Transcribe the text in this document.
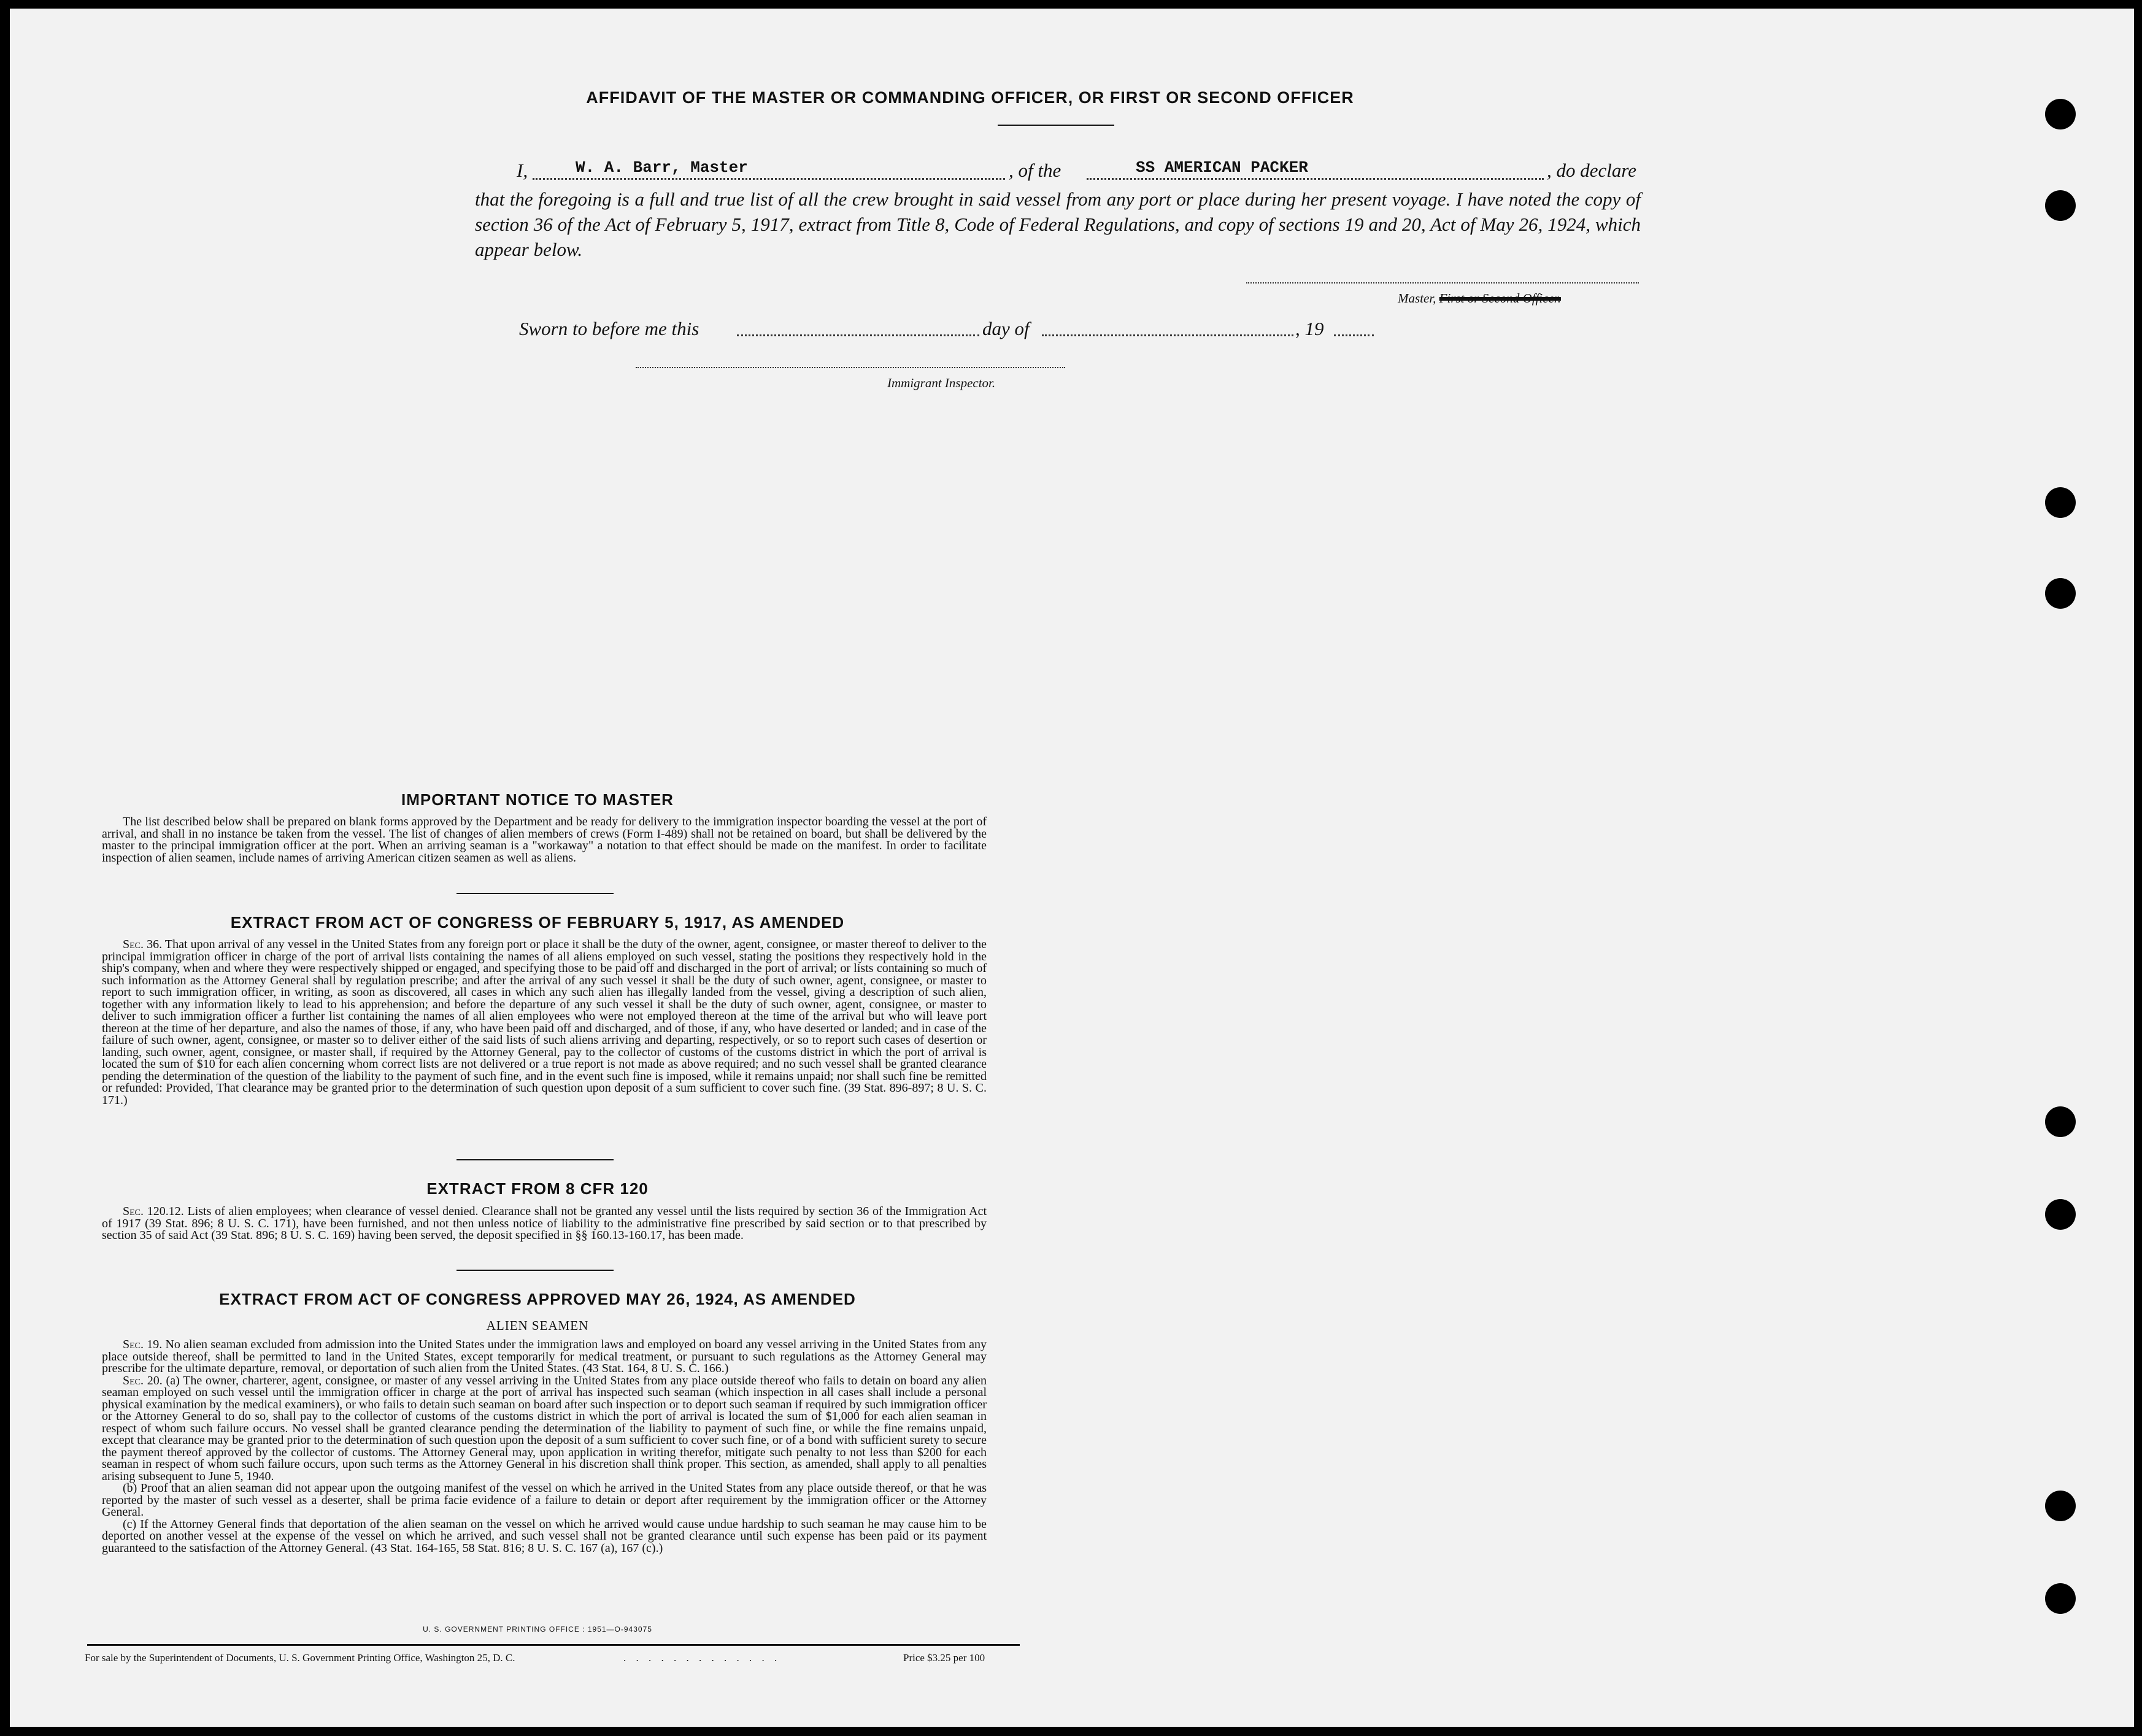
AFFIDAVIT OF THE MASTER OR COMMANDING OFFICER, OR FIRST OR SECOND OFFICER
I,	W. A. Barr, Master	, of the	SS AMERICAN PACKER	, do declare
that the foregoing is a full and true list of all the crew brought in said vessel from any port or place during her present voyage. I have noted the copy of section 36 of the Act of February 5, 1917, extract from Title 8, Code of Federal Regulations, and copy of sections 19 and 20, Act of May 26, 1924, which appear below.
Master, First or Second Officer.
Sworn to before me this	day of	, 19
Immigrant Inspector.
IMPORTANT NOTICE TO MASTER

The list described below shall be prepared on blank forms approved by the Department and be ready for delivery to the immigration inspector boarding the vessel at the port of arrival, and shall in no instance be taken from the vessel. The list of changes of alien members of crews (Form I-489) shall not be retained on board, but shall be delivered by the master to the principal immigration officer at the port. When an arriving seaman is a "workaway" a notation to that effect should be made on the manifest. In order to facilitate inspection of alien seamen, include names of arriving American citizen seamen as well as aliens.

EXTRACT FROM ACT OF CONGRESS OF FEBRUARY 5, 1917, AS AMENDED

Sec. 36. That upon arrival of any vessel in the United States from any foreign port or place it shall be the duty of the owner, agent, consignee, or master thereof to deliver to the principal immigration officer in charge of the port of arrival lists containing the names of all aliens employed on such vessel, stating the positions they respectively hold in the ship's company, when and where they were respectively shipped or engaged, and specifying those to be paid off and discharged in the port of arrival; or lists containing so much of such information as the Attorney General shall by regulation prescribe; and after the arrival of any such vessel it shall be the duty of such owner, agent, consignee, or master to report to such immigration officer, in writing, as soon as discovered, all cases in which any such alien has illegally landed from the vessel, giving a description of such alien, together with any information likely to lead to his apprehension; and before the departure of any such vessel it shall be the duty of such owner, agent, consignee, or master to deliver to such immigration officer a further list containing the names of all alien employees who were not employed thereon at the time of the arrival but who will leave port thereon at the time of her departure, and also the names of those, if any, who have been paid off and discharged, and of those, if any, who have deserted or landed; and in case of the failure of such owner, agent, consignee, or master so to deliver either of the said lists of such aliens arriving and departing, respectively, or so to report such cases of desertion or landing, such owner, agent, consignee, or master shall, if required by the Attorney General, pay to the collector of customs of the customs district in which the port of arrival is located the sum of $10 for each alien concerning whom correct lists are not delivered or a true report is not made as above required; and no such vessel shall be granted clearance pending the determination of the question of the liability to the payment of such fine, and in the event such fine is imposed, while it remains unpaid; nor shall such fine be remitted or refunded: Provided, That clearance may be granted prior to the determination of such question upon deposit of a sum sufficient to cover such fine. (39 Stat. 896-897; 8 U. S. C. 171.)

EXTRACT FROM 8 CFR 120

Sec. 120.12. Lists of alien employees; when clearance of vessel denied. Clearance shall not be granted any vessel until the lists required by section 36 of the Immigration Act of 1917 (39 Stat. 896; 8 U. S. C. 171), have been furnished, and not then unless notice of liability to the administrative fine prescribed by said section or to that prescribed by section 35 of said Act (39 Stat. 896; 8 U. S. C. 169) having been served, the deposit specified in §§ 160.13-160.17, has been made.

EXTRACT FROM ACT OF CONGRESS APPROVED MAY 26, 1924, AS AMENDED
ALIEN SEAMEN

Sec. 19. No alien seaman excluded from admission into the United States under the immigration laws and employed on board any vessel arriving in the United States from any place outside thereof, shall be permitted to land in the United States, except temporarily for medical treatment, or pursuant to such regulations as the Attorney General may prescribe for the ultimate departure, removal, or deportation of such alien from the United States. (43 Stat. 164, 8 U. S. C. 166.)

Sec. 20. (a) The owner, charterer, agent, consignee, or master of any vessel arriving in the United States from any place outside thereof who fails to detain on board any alien seaman employed on such vessel until the immigration officer in charge at the port of arrival has inspected such seaman (which inspection in all cases shall include a personal physical examination by the medical examiners), or who fails to detain such seaman on board after such inspection or to deport such seaman if required by such immigration officer or the Attorney General to do so, shall pay to the collector of customs of the customs district in which the port of arrival is located the sum of $1,000 for each alien seaman in respect of whom such failure occurs. No vessel shall be granted clearance pending the determination of the liability to payment of such fine, or while the fine remains unpaid, except that clearance may be granted prior to the determination of such question upon the deposit of a sum sufficient to cover such fine, or of a bond with sufficient surety to secure the payment thereof approved by the collector of customs. The Attorney General may, upon application in writing therefor, mitigate such penalty to not less than $200 for each seaman in respect of whom such failure occurs, upon such terms as the Attorney General in his discretion shall think proper. This section, as amended, shall apply to all penalties arising subsequent to June 5, 1940.

(b) Proof that an alien seaman did not appear upon the outgoing manifest of the vessel on which he arrived in the United States from any place outside thereof, or that he was reported by the master of such vessel as a deserter, shall be prima facie evidence of a failure to detain or deport after requirement by the immigration officer or the Attorney General.

(c) If the Attorney General finds that deportation of the alien seaman on the vessel on which he arrived would cause undue hardship to such seaman he may cause him to be deported on another vessel at the expense of the vessel on which he arrived, and such vessel shall not be granted clearance until such expense has been paid or its payment guaranteed to the satisfaction of the Attorney General. (43 Stat. 164-165, 58 Stat. 816; 8 U. S. C. 167 (a), 167 (c).)

U. S. GOVERNMENT PRINTING OFFICE : 1951—O-943075
For sale by the Superintendent of Documents, U. S. Government Printing Office, Washington 25, D. C.	. . . . . . . . . . . . .	Price $3.25 per 100
